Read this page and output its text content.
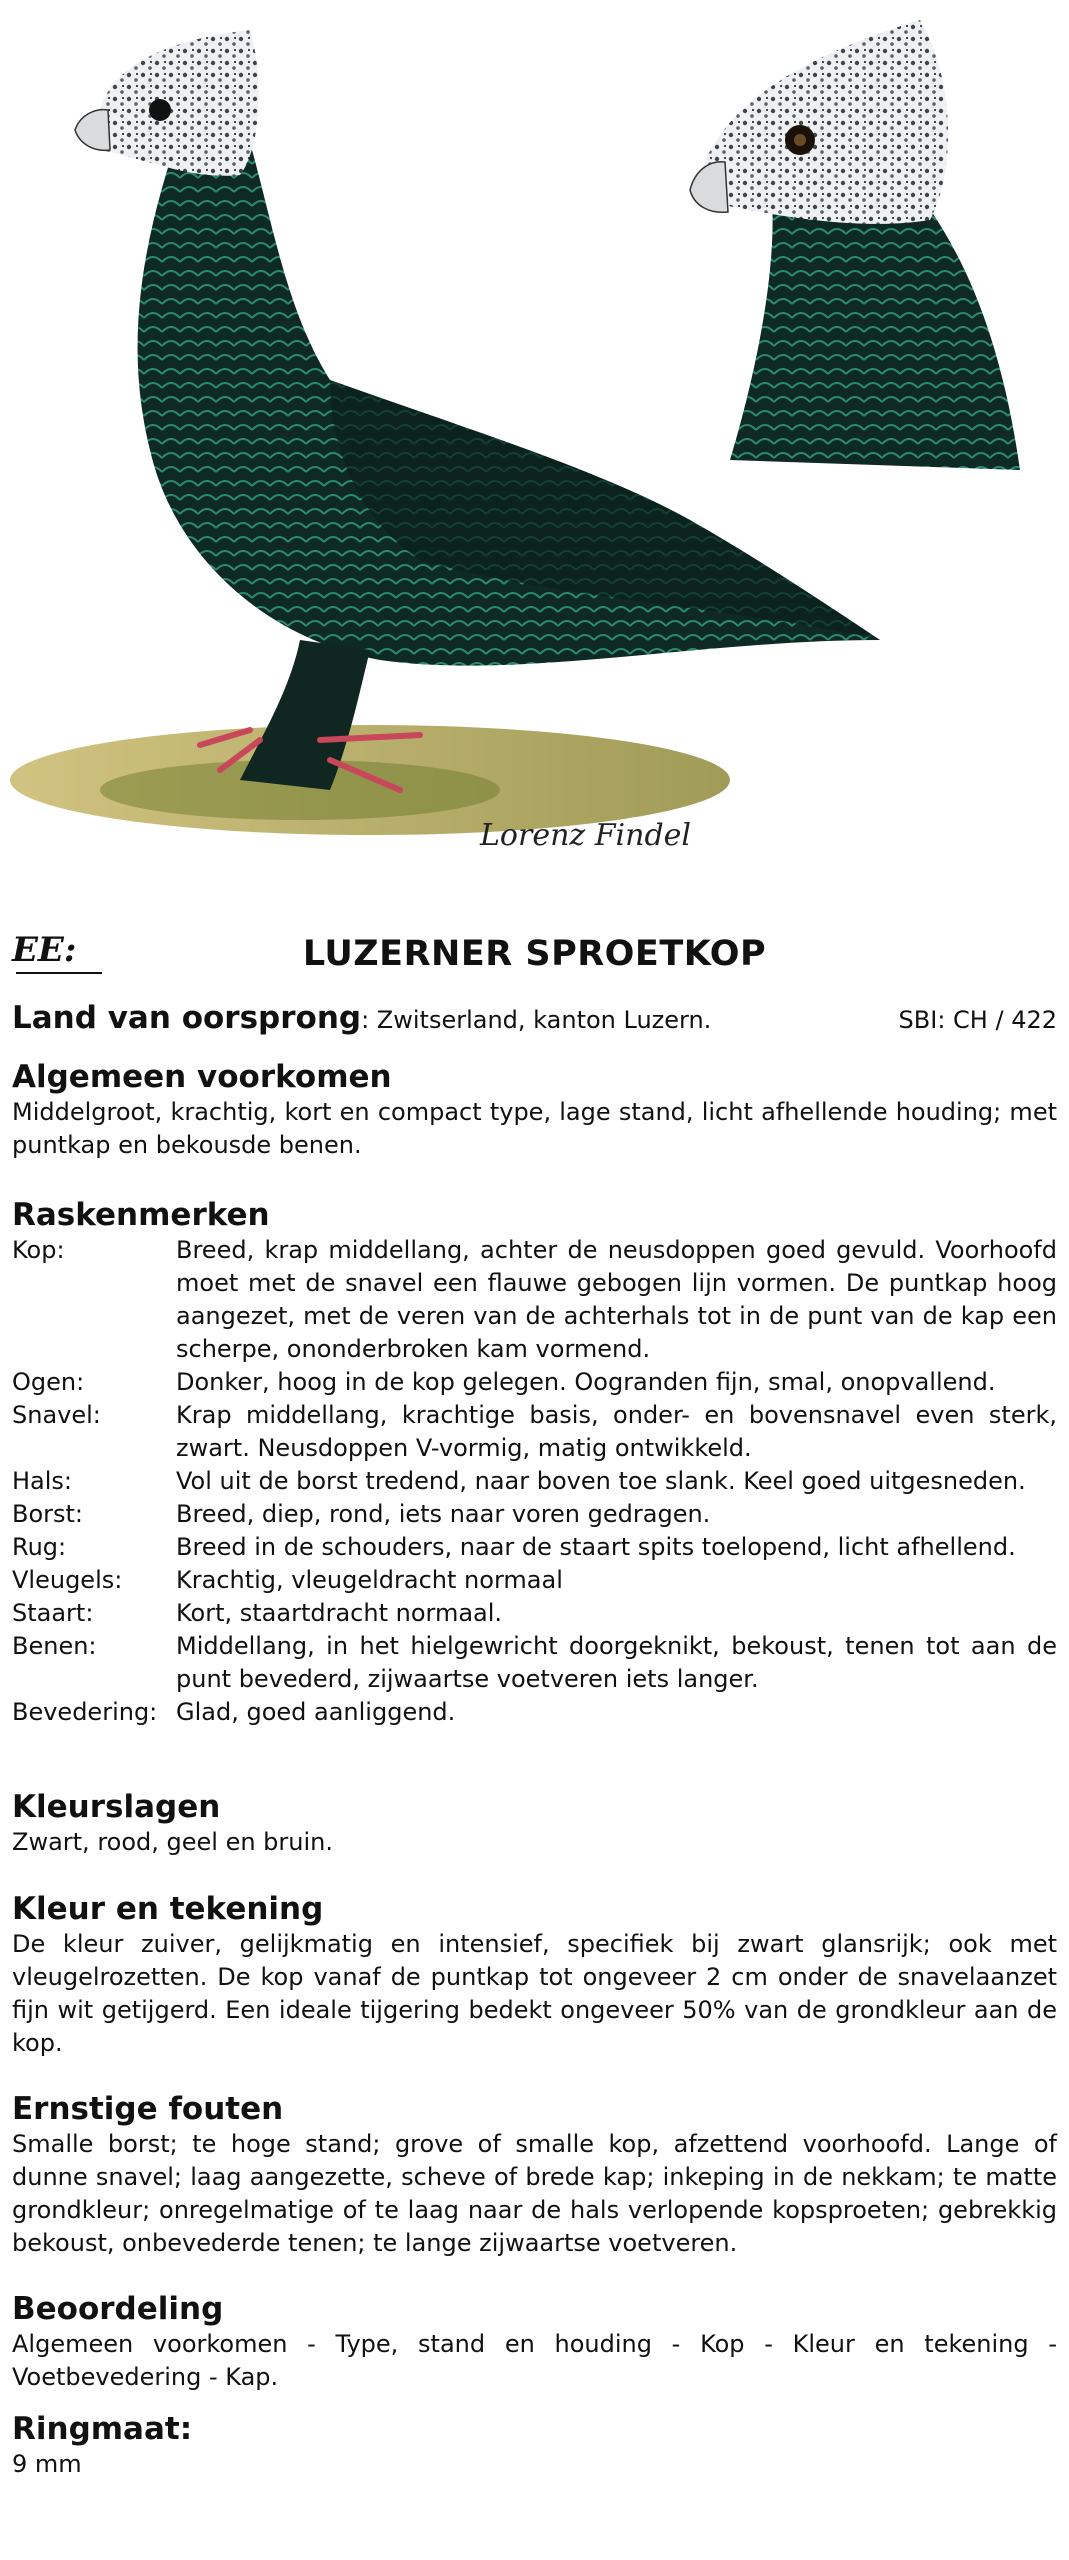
Lorenz Findel
EE:	LUZERNER SPROETKOP
Land van oorsprong: Zwitserland, kanton Luzern.	SBI: CH / 422
Algemeen voorkomen

Middelgroot, krachtig, kort en compact type, lage stand, licht afhellende houding; met puntkap en bekousde benen.

Raskenmerken
Kop:	Breed, krap middellang, achter de neusdoppen goed gevuld. Voorhoofd moet met de snavel een flauwe gebogen lijn vormen. De puntkap hoog aangezet, met de veren van de achterhals tot in de punt van de kap een scherpe, ononderbroken kam vormend.
Ogen:	Donker, hoog in de kop gelegen. Oogranden fijn, smal, onopvallend.
Snavel:	Krap middellang, krachtige basis, onder- en bovensnavel even sterk, zwart. Neusdoppen V-vormig, matig ontwikkeld.
Hals:	Vol uit de borst tredend, naar boven toe slank. Keel goed uitgesneden.
Borst:	Breed, diep, rond, iets naar voren gedragen.
Rug:	Breed in de schouders, naar de staart spits toelopend, licht afhellend.
Vleugels:	Krachtig, vleugeldracht normaal
Staart:	Kort, staartdracht normaal.
Benen:	Middellang, in het hielgewricht doorgeknikt, bekoust, tenen tot aan de punt bevederd, zijwaartse voetveren iets langer.
Bevedering: Glad, goed aanliggend.
Kleurslagen

Zwart, rood, geel en bruin.

Kleur en tekening

De kleur zuiver, gelijkmatig en intensief, specifiek bij zwart glansrijk; ook met vleugelrozetten. De kop vanaf de puntkap tot ongeveer 2 cm onder de snavelaanzet fijn wit getijgerd. Een ideale tijgering bedekt ongeveer 50% van de grondkleur aan de kop.

Ernstige fouten

Smalle borst; te hoge stand; grove of smalle kop, afzettend voorhoofd. Lange of dunne snavel; laag aangezette, scheve of brede kap; inkeping in de nekkam; te matte grondkleur; onregelmatige of te laag naar de hals verlopende kopsproeten; gebrekkig bekoust, onbevederde tenen; te lange zijwaartse voetveren.

Beoordeling

Algemeen voorkomen - Type, stand en houding - Kop - Kleur en tekening - Voetbevedering - Kap.

Ringmaat:

9 mm
